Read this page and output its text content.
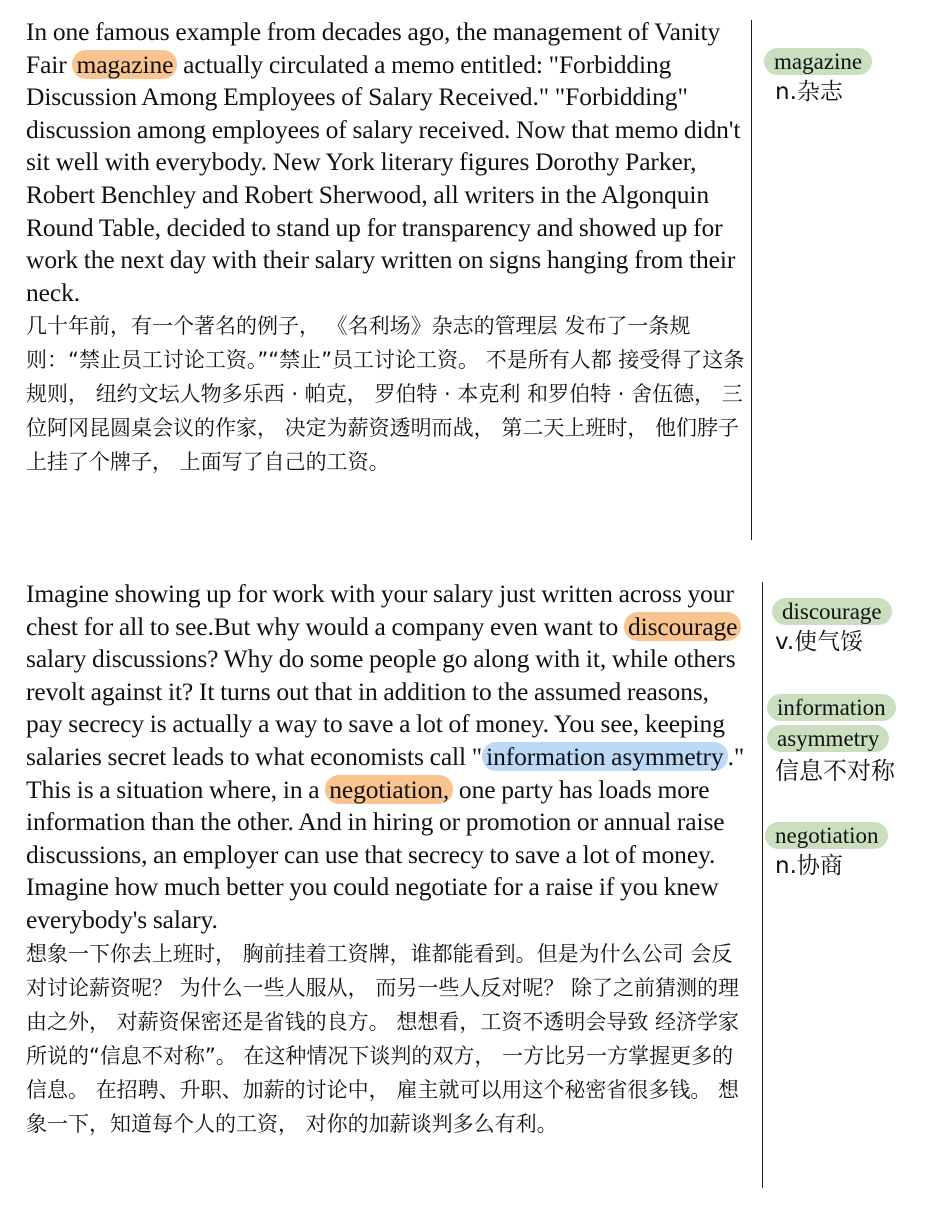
In one famous example from decades ago, the management of Vanity Fair magazine actually circulated a memo entitled: "Forbidding Discussion Among Employees of Salary Received." "Forbidding" discussion among employees of salary received. Now that memo didn't sit well with everybody. New York literary figures Dorothy Parker, Robert Benchley and Robert Sherwood, all writers in the Algonquin Round Table, decided to stand up for transparency and showed up for work the next day with their salary written on signs hanging from their neck.

几十年前，有一个著名的例子， 《名利场》杂志的管理层 发布了一条规则：“禁止员工讨论工资。”“禁止”员工讨论工资。 不是所有人都 接受得了这条规则， 纽约文坛人物多乐西 · 帕克， 罗伯特 · 本克利 和罗伯特 · 舍伍德， 三位阿冈昆圆桌会议的作家， 决定为薪资透明而战， 第二天上班时， 他们脖子上挂了个牌子， 上面写了自己的工资。

Imagine showing up for work with your salary just written across your chest for all to see.But why would a company even want to discourage salary discussions? Why do some people go along with it, while others revolt against it? It turns out that in addition to the assumed reasons, pay secrecy is actually a way to save a lot of money. You see, keeping salaries secret leads to what economists call " information asymmetry ." This is a situation where, in a negotiation, one party has loads more information than the other. And in hiring or promotion or annual raise discussions, an employer can use that secrecy to save a lot of money. Imagine how much better you could negotiate for a raise if you knew everybody's salary.

想象一下你去上班时， 胸前挂着工资牌，谁都能看到。但是为什么公司 会反对讨论薪资呢？ 为什么一些人服从， 而另一些人反对呢？ 除了之前猜测的理由之外， 对薪资保密还是省钱的良方。 想想看，工资不透明会导致 经济学家所说的“信息不对称”。 在这种情况下谈判的双方， 一方比另一方掌握更多的信息。 在招聘、升职、加薪的讨论中， 雇主就可以用这个秘密省很多钱。 想象一下，知道每个人的工资， 对你的加薪谈判多么有利。

magazine
n.杂志
discourage
v.使气馁
information
asymmetry
信息不对称
negotiation
n.协商
